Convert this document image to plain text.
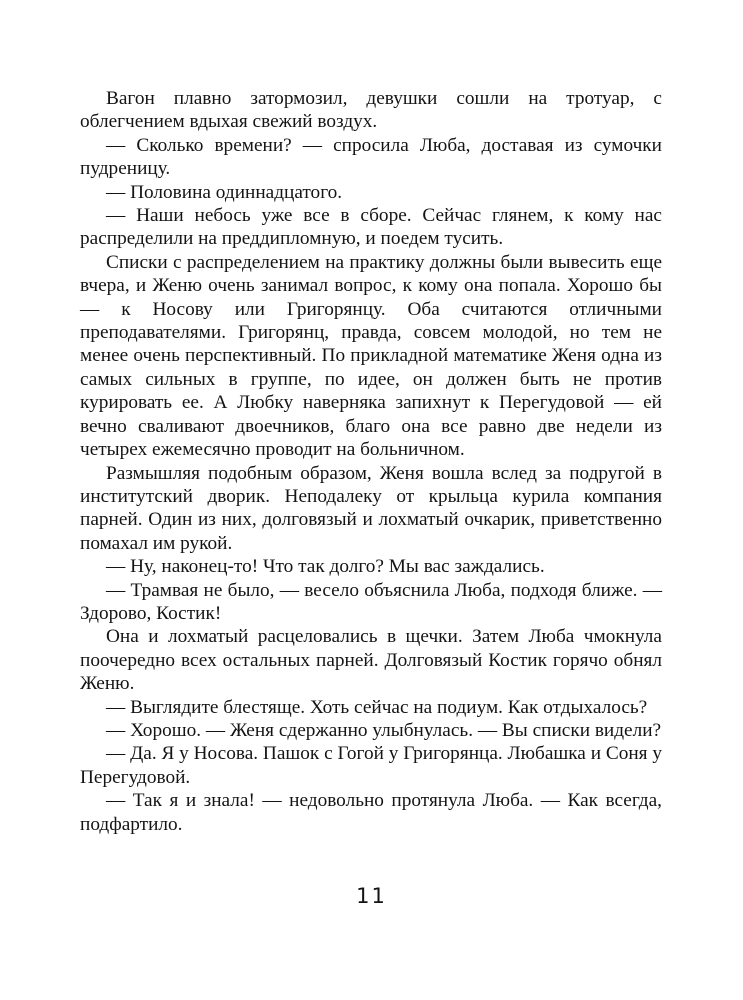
Вагон плавно затормозил, девушки сошли на тротуар, с облегчением вдыхая свежий воздух.

— Сколько времени? — спросила Люба, доставая из сумочки пудреницу.

— Половина одиннадцатого.

— Наши небось уже все в сборе. Сейчас глянем, к кому нас распределили на преддипломную, и поедем тусить.

Списки с распределением на практику должны были вывесить еще вчера, и Женю очень занимал вопрос, к кому она попала. Хорошо бы — к Носову или Григорянцу. Оба считаются отличными преподавателями. Григорянц, правда, совсем молодой, но тем не менее очень перспективный. По прикладной математике Женя одна из самых сильных в группе, по идее, он должен быть не против курировать ее. А Любку наверняка запихнут к Перегудовой — ей вечно сваливают двоечников, благо она все равно две недели из четырех ежемесячно проводит на больничном.

Размышляя подобным образом, Женя вошла вслед за подругой в институтский дворик. Неподалеку от крыльца курила компания парней. Один из них, долговязый и лохматый очкарик, приветственно помахал им рукой.

— Ну, наконец-то! Что так долго? Мы вас заждались.

— Трамвая не было, — весело объяснила Люба, подходя ближе. — Здорово, Костик!

Она и лохматый расцеловались в щечки. Затем Люба чмокнула поочередно всех остальных парней. Долговязый Костик горячо обнял Женю.

— Выглядите блестяще. Хоть сейчас на подиум. Как отдыхалось?

— Хорошо. — Женя сдержанно улыбнулась. — Вы списки видели?

— Да. Я у Носова. Пашок с Гогой у Григорянца. Любашка и Соня у Перегудовой.

— Так я и знала! — недовольно протянула Люба. — Как всегда, подфартило.

11
